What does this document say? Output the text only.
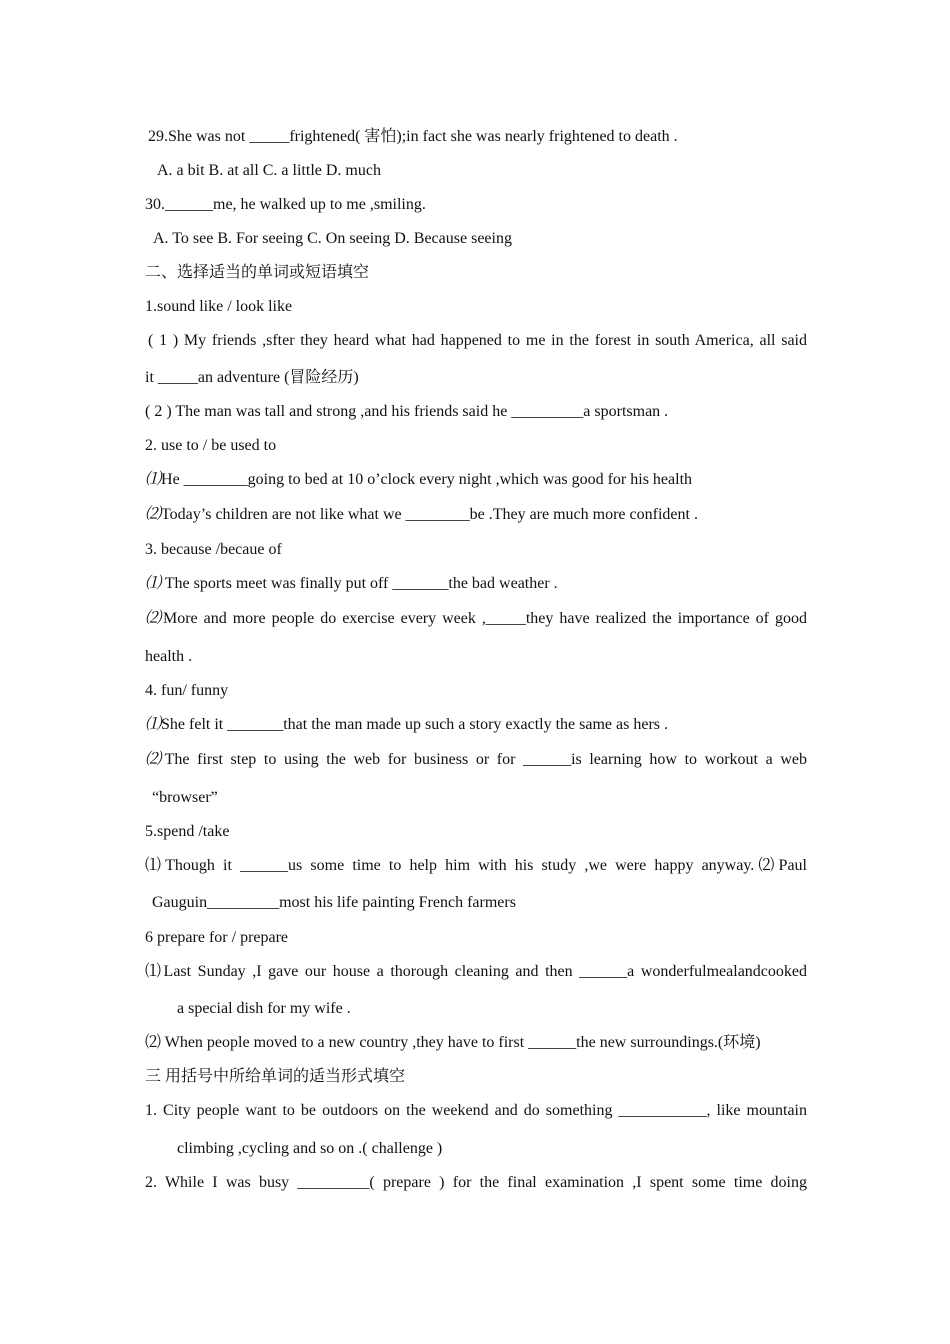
29.She was not _____frightened( 害怕);in fact she was nearly frightened to death .
A. a bit B. at all C. a little D. much
30.______me, he walked up to me ,smiling.
A. To see B. For seeing C. On seeing D. Because seeing
二、选择适当的单词或短语填空
1.sound like / look like
( 1 ) My friends ,sfter they heard what had happened to me in the forest in south America, all said
it _____an adventure (冒险经历)
( 2 ) The man was tall and strong ,and his friends said he _________a sportsman .
2. use to / be used to
⑴He ________going to bed at 10 o’clock every night ,which was good for his health
⑵Today’s children are not like what we ________be .They are much more confident .
3. because /becaue of
⑴ The sports meet was finally put off _______the bad weather .
⑵More and more people do exercise every week ,_____they have realized the importance of good
health .
4. fun/ funny
⑴She felt it _______that the man made up such a story exactly the same as hers .
⑵The first step to using the web for business or for ______is learning how to workout a web
“browser”
5.spend /take
⑴Though it ______us some time to help him with his study ,we were happy anyway.⑵Paul
Gauguin_________most his life painting French farmers
6 prepare for / prepare
⑴Last Sunday ,I gave our house a thorough cleaning and then ______a wonderfulmealandcooked
a special dish for my wife .
⑵ When people moved to a new country ,they have to first ______the new surroundings.(环境)
三 用括号中所给单词的适当形式填空
1. City people want to be outdoors on the weekend and do something ___________, like mountain
climbing ,cycling and so on .( challenge )
2. While I was busy _________( prepare ) for the final examination ,I spent some time doing
